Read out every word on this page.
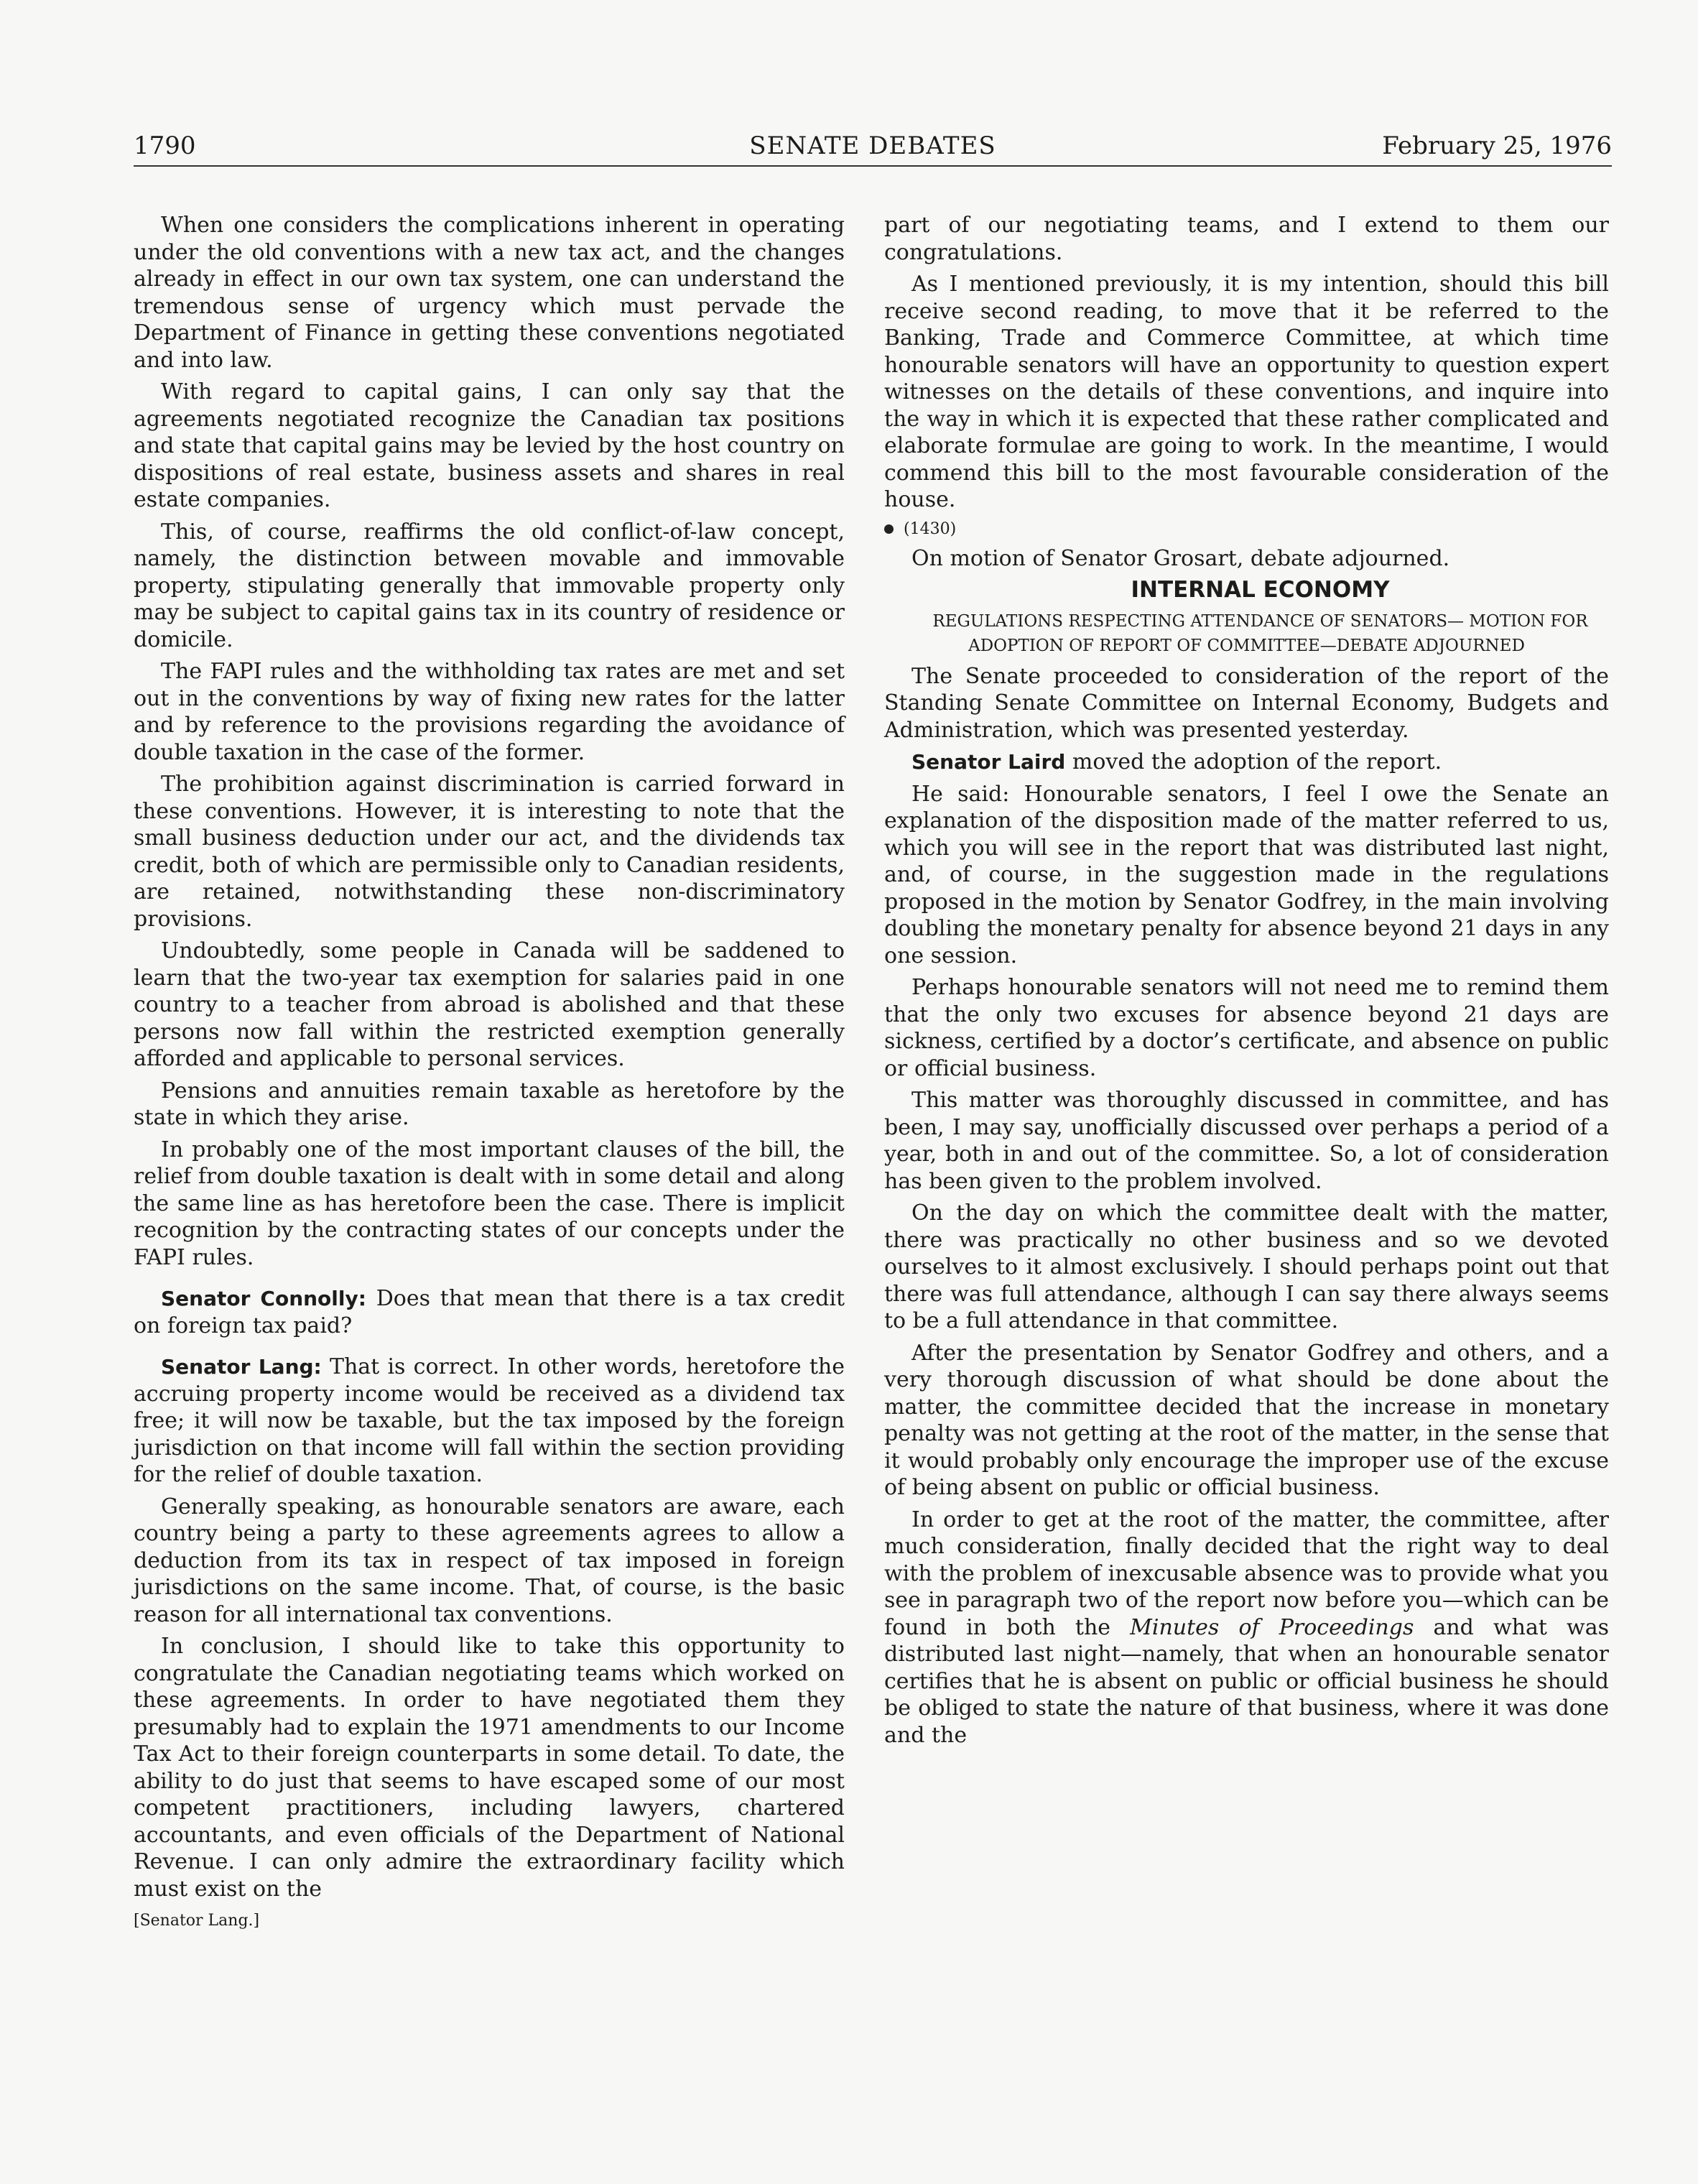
1790	SENATE DEBATES	February 25, 1976

When one considers the complications inherent in operating under the old conventions with a new tax act, and the changes already in effect in our own tax system, one can understand the tremendous sense of urgency which must pervade the Department of Finance in getting these conventions negotiated and into law.

With regard to capital gains, I can only say that the agreements negotiated recognize the Canadian tax positions and state that capital gains may be levied by the host country on dispositions of real estate, business assets and shares in real estate companies.

This, of course, reaffirms the old conflict-of-law concept, namely, the distinction between movable and immovable property, stipulating generally that immovable property only may be subject to capital gains tax in its country of residence or domicile.

The FAPI rules and the withholding tax rates are met and set out in the conventions by way of fixing new rates for the latter and by reference to the provisions regarding the avoidance of double taxation in the case of the former.

The prohibition against discrimination is carried forward in these conventions. However, it is interesting to note that the small business deduction under our act, and the dividends tax credit, both of which are permissible only to Canadian residents, are retained, notwithstanding these non-discriminatory provisions.

Undoubtedly, some people in Canada will be saddened to learn that the two-year tax exemption for salaries paid in one country to a teacher from abroad is abolished and that these persons now fall within the restricted exemption generally afforded and applicable to personal services.

Pensions and annuities remain taxable as heretofore by the state in which they arise.

In probably one of the most important clauses of the bill, the relief from double taxation is dealt with in some detail and along the same line as has heretofore been the case. There is implicit recognition by the contracting states of our concepts under the FAPI rules.

Senator Connolly: Does that mean that there is a tax credit on foreign tax paid?

Senator Lang: That is correct. In other words, heretofore the accruing property income would be received as a dividend tax free; it will now be taxable, but the tax imposed by the foreign jurisdiction on that income will fall within the section providing for the relief of double taxation.

Generally speaking, as honourable senators are aware, each country being a party to these agreements agrees to allow a deduction from its tax in respect of tax imposed in foreign jurisdictions on the same income. That, of course, is the basic reason for all international tax conventions.

In conclusion, I should like to take this opportunity to congratulate the Canadian negotiating teams which worked on these agreements. In order to have negotiated them they presumably had to explain the 1971 amendments to our Income Tax Act to their foreign counterparts in some detail. To date, the ability to do just that seems to have escaped some of our most competent practitioners, including lawyers, chartered accountants, and even officials of the Department of National Revenue. I can only admire the extraordinary facility which must exist on the

[Senator Lang.]

part of our negotiating teams, and I extend to them our congratulations.

As I mentioned previously, it is my intention, should this bill receive second reading, to move that it be referred to the Banking, Trade and Commerce Committee, at which time honourable senators will have an opportunity to question expert witnesses on the details of these conventions, and inquire into the way in which it is expected that these rather complicated and elaborate formulae are going to work. In the meantime, I would commend this bill to the most favourable consideration of the house.

(1430)

On motion of Senator Grosart, debate adjourned.

INTERNAL ECONOMY

REGULATIONS RESPECTING ATTENDANCE OF SENATORS— MOTION FOR ADOPTION OF REPORT OF COMMITTEE—DEBATE ADJOURNED

The Senate proceeded to consideration of the report of the Standing Senate Committee on Internal Economy, Budgets and Administration, which was presented yesterday.

Senator Laird moved the adoption of the report.

He said: Honourable senators, I feel I owe the Senate an explanation of the disposition made of the matter referred to us, which you will see in the report that was distributed last night, and, of course, in the suggestion made in the regulations proposed in the motion by Senator Godfrey, in the main involving doubling the monetary penalty for absence beyond 21 days in any one session.

Perhaps honourable senators will not need me to remind them that the only two excuses for absence beyond 21 days are sickness, certified by a doctor’s certificate, and absence on public or official business.

This matter was thoroughly discussed in committee, and has been, I may say, unofficially discussed over perhaps a period of a year, both in and out of the committee. So, a lot of consideration has been given to the problem involved.

On the day on which the committee dealt with the matter, there was practically no other business and so we devoted ourselves to it almost exclusively. I should perhaps point out that there was full attendance, although I can say there always seems to be a full attendance in that committee.

After the presentation by Senator Godfrey and others, and a very thorough discussion of what should be done about the matter, the committee decided that the increase in monetary penalty was not getting at the root of the matter, in the sense that it would probably only encourage the improper use of the excuse of being absent on public or official business.

In order to get at the root of the matter, the committee, after much consideration, finally decided that the right way to deal with the problem of inexcusable absence was to provide what you see in paragraph two of the report now before you—which can be found in both the Minutes of Proceedings and what was distributed last night—namely, that when an honourable senator certifies that he is absent on public or official business he should be obliged to state the nature of that business, where it was done and the
